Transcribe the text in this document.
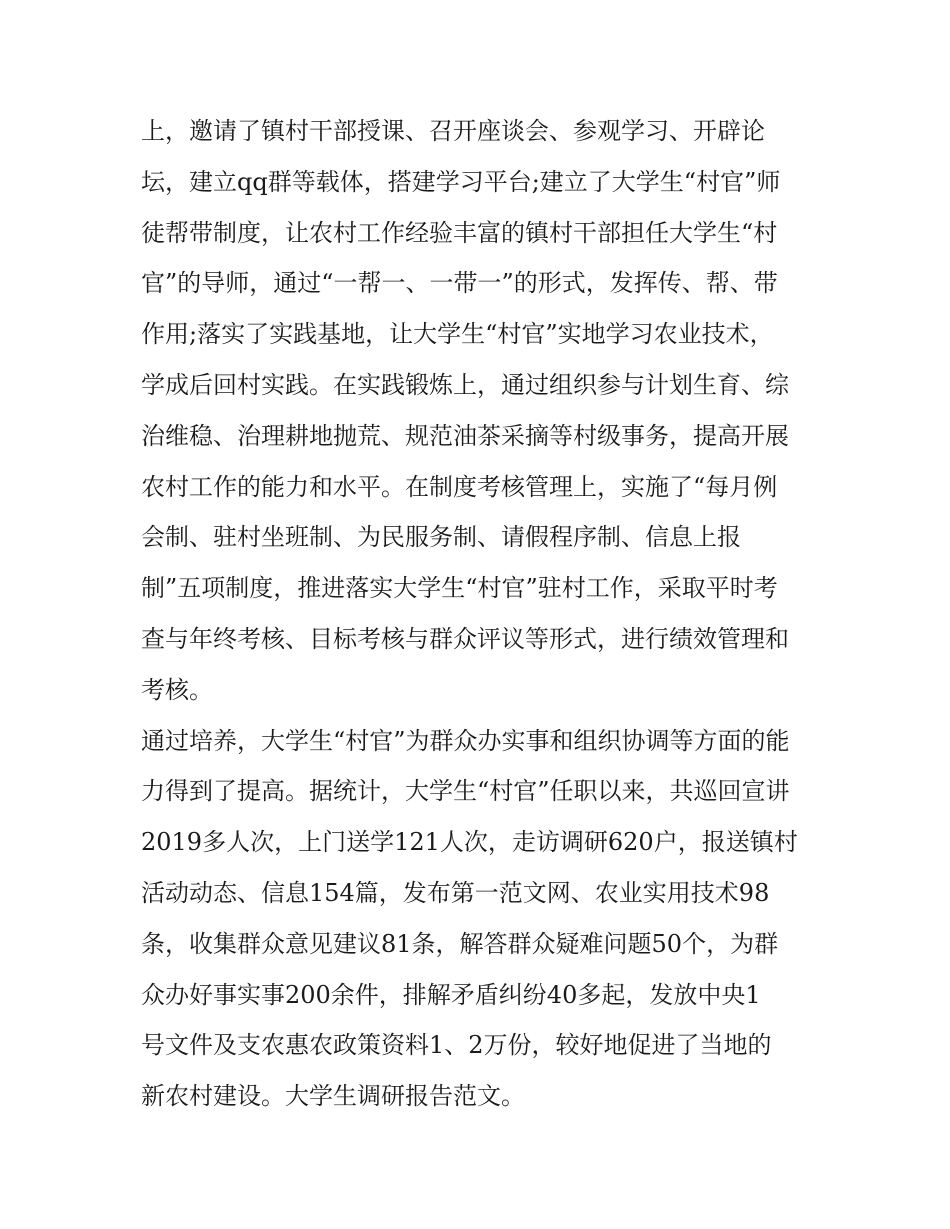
上，邀请了镇村干部授课、召开座谈会、参观学习、开辟论
坛，建立qq群等载体，搭建学习平台;建立了大学生“村官”师
徒帮带制度，让农村工作经验丰富的镇村干部担任大学生“村
官”的导师，通过“一帮一、一带一”的形式，发挥传、帮、带
作用;落实了实践基地，让大学生“村官”实地学习农业技术，
学成后回村实践。在实践锻炼上，通过组织参与计划生育、综
治维稳、治理耕地抛荒、规范油茶采摘等村级事务，提高开展
农村工作的能力和水平。在制度考核管理上，实施了“每月例
会制、驻村坐班制、为民服务制、请假程序制、信息上报
制”五项制度，推进落实大学生“村官”驻村工作，采取平时考
查与年终考核、目标考核与群众评议等形式，进行绩效管理和
考核。
通过培养，大学生“村官”为群众办实事和组织协调等方面的能
力得到了提高。据统计，大学生“村官”任职以来，共巡回宣讲
2019多人次，上门送学121人次，走访调研620户，报送镇村
活动动态、信息154篇，发布第一范文网、农业实用技术98
条，收集群众意见建议81条，解答群众疑难问题50个，为群
众办好事实事200余件，排解矛盾纠纷40多起，发放中央1
号文件及支农惠农政策资料1、2万份，较好地促进了当地的
新农村建设。大学生调研报告范文。
